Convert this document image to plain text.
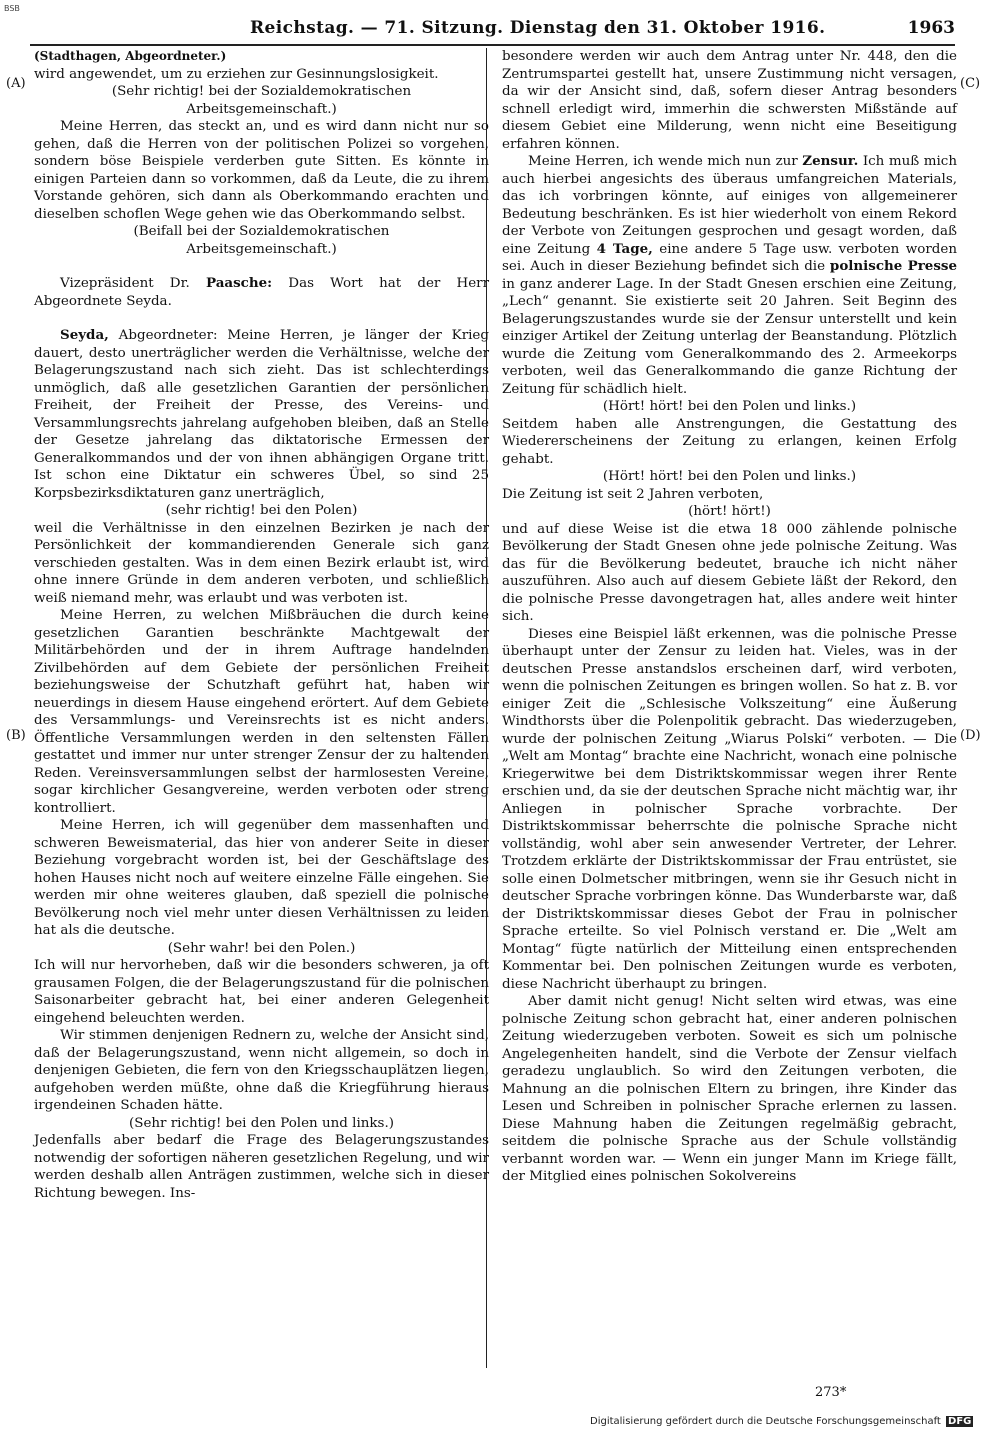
BSB
Reichstag. — 71. Sitzung. Dienstag den 31. Oktober 1916.	1963
(A)
(B)
(C)
(D)

(Stadthagen, Abgeordneter.)

wird angewendet, um zu erziehen zur Gesinnungslosigkeit.

(Sehr richtig! bei der Sozialdemokratischen Arbeitsgemeinschaft.)

Meine Herren, das steckt an, und es wird dann nicht nur so gehen, daß die Herren von der politischen Polizei so vorgehen, sondern böse Beispiele verderben gute Sitten. Es könnte in einigen Parteien dann so vorkommen, daß da Leute, die zu ihrem Vorstande gehören, sich dann als Oberkommando erachten und dieselben schoflen Wege gehen wie das Oberkommando selbst.

(Beifall bei der Sozialdemokratischen Arbeitsgemeinschaft.)

Vizepräsident Dr. Paasche: Das Wort hat der Herr Abgeordnete Seyda.

Seyda, Abgeordneter: Meine Herren, je länger der Krieg dauert, desto unerträglicher werden die Verhältnisse, welche der Belagerungszustand nach sich zieht. Das ist schlechterdings unmöglich, daß alle gesetzlichen Garantien der persönlichen Freiheit, der Freiheit der Presse, des Vereins- und Versammlungsrechts jahrelang aufgehoben bleiben, daß an Stelle der Gesetze jahrelang das diktatorische Ermessen der Generalkommandos und der von ihnen abhängigen Organe tritt. Ist schon eine Diktatur ein schweres Übel, so sind 25 Korpsbezirksdiktaturen ganz unerträglich,

(sehr richtig! bei den Polen)

weil die Verhältnisse in den einzelnen Bezirken je nach der Persönlichkeit der kommandierenden Generale sich ganz verschieden gestalten. Was in dem einen Bezirk erlaubt ist, wird ohne innere Gründe in dem anderen verboten, und schließlich weiß niemand mehr, was erlaubt und was verboten ist.

Meine Herren, zu welchen Mißbräuchen die durch keine gesetzlichen Garantien beschränkte Machtgewalt der Militärbehörden und der in ihrem Auftrage handelnden Zivilbehörden auf dem Gebiete der persönlichen Freiheit beziehungsweise der Schutzhaft geführt hat, haben wir neuerdings in diesem Hause eingehend erörtert. Auf dem Gebiete des Versammlungs- und Vereinsrechts ist es nicht anders. Öffentliche Versammlungen werden in den seltensten Fällen gestattet und immer nur unter strenger Zensur der zu haltenden Reden. Vereinsversammlungen selbst der harmlosesten Vereine, sogar kirchlicher Gesangvereine, werden verboten oder streng kontrolliert.

Meine Herren, ich will gegenüber dem massenhaften und schweren Beweismaterial, das hier von anderer Seite in dieser Beziehung vorgebracht worden ist, bei der Geschäftslage des hohen Hauses nicht noch auf weitere einzelne Fälle eingehen. Sie werden mir ohne weiteres glauben, daß speziell die polnische Bevölkerung noch viel mehr unter diesen Verhältnissen zu leiden hat als die deutsche.

(Sehr wahr! bei den Polen.)

Ich will nur hervorheben, daß wir die besonders schweren, ja oft grausamen Folgen, die der Belagerungszustand für die polnischen Saisonarbeiter gebracht hat, bei einer anderen Gelegenheit eingehend beleuchten werden.

Wir stimmen denjenigen Rednern zu, welche der Ansicht sind, daß der Belagerungszustand, wenn nicht allgemein, so doch in denjenigen Gebieten, die fern von den Kriegsschauplätzen liegen, aufgehoben werden müßte, ohne daß die Kriegführung hieraus irgendeinen Schaden hätte.

(Sehr richtig! bei den Polen und links.)

Jedenfalls aber bedarf die Frage des Belagerungszustandes notwendig der sofortigen näheren gesetzlichen Regelung, und wir werden deshalb allen Anträgen zustimmen, welche sich in dieser Richtung bewegen. Ins-

besondere werden wir auch dem Antrag unter Nr. 448, den die Zentrumspartei gestellt hat, unsere Zustimmung nicht versagen, da wir der Ansicht sind, daß, sofern dieser Antrag besonders schnell erledigt wird, immerhin die schwersten Mißstände auf diesem Gebiet eine Milderung, wenn nicht eine Beseitigung erfahren können.

Meine Herren, ich wende mich nun zur Zensur. Ich muß mich auch hierbei angesichts des überaus umfangreichen Materials, das ich vorbringen könnte, auf einiges von allgemeinerer Bedeutung beschränken. Es ist hier wiederholt von einem Rekord der Verbote von Zeitungen gesprochen und gesagt worden, daß eine Zeitung 4 Tage, eine andere 5 Tage usw. verboten worden sei. Auch in dieser Beziehung befindet sich die polnische Presse in ganz anderer Lage. In der Stadt Gnesen erschien eine Zeitung, „Lech“ genannt. Sie existierte seit 20 Jahren. Seit Beginn des Belagerungszustandes wurde sie der Zensur unterstellt und kein einziger Artikel der Zeitung unterlag der Beanstandung. Plötzlich wurde die Zeitung vom Generalkommando des 2. Armeekorps verboten, weil das Generalkommando die ganze Richtung der Zeitung für schädlich hielt.

(Hört! hört! bei den Polen und links.)

Seitdem haben alle Anstrengungen, die Gestattung des Wiedererscheinens der Zeitung zu erlangen, keinen Erfolg gehabt.

(Hört! hört! bei den Polen und links.)

Die Zeitung ist seit 2 Jahren verboten,

(hört! hört!)

und auf diese Weise ist die etwa 18 000 zählende polnische Bevölkerung der Stadt Gnesen ohne jede polnische Zeitung. Was das für die Bevölkerung bedeutet, brauche ich nicht näher auszuführen. Also auch auf diesem Gebiete läßt der Rekord, den die polnische Presse davongetragen hat, alles andere weit hinter sich.

Dieses eine Beispiel läßt erkennen, was die polnische Presse überhaupt unter der Zensur zu leiden hat. Vieles, was in der deutschen Presse anstandslos erscheinen darf, wird verboten, wenn die polnischen Zeitungen es bringen wollen. So hat z. B. vor einiger Zeit die „Schlesische Volkszeitung“ eine Äußerung Windthorsts über die Polenpolitik gebracht. Das wiederzugeben, wurde der polnischen Zeitung „Wiarus Polski“ verboten. — Die „Welt am Montag“ brachte eine Nachricht, wonach eine polnische Kriegerwitwe bei dem Distriktskommissar wegen ihrer Rente erschien und, da sie der deutschen Sprache nicht mächtig war, ihr Anliegen in polnischer Sprache vorbrachte. Der Distriktskommissar beherrschte die polnische Sprache nicht vollständig, wohl aber sein anwesender Vertreter, der Lehrer. Trotzdem erklärte der Distriktskommissar der Frau entrüstet, sie solle einen Dolmetscher mitbringen, wenn sie ihr Gesuch nicht in deutscher Sprache vorbringen könne. Das Wunderbarste war, daß der Distriktskommissar dieses Gebot der Frau in polnischer Sprache erteilte. So viel Polnisch verstand er. Die „Welt am Montag“ fügte natürlich der Mitteilung einen entsprechenden Kommentar bei. Den polnischen Zeitungen wurde es verboten, diese Nachricht überhaupt zu bringen.

Aber damit nicht genug! Nicht selten wird etwas, was eine polnische Zeitung schon gebracht hat, einer anderen polnischen Zeitung wiederzugeben verboten. Soweit es sich um polnische Angelegenheiten handelt, sind die Verbote der Zensur vielfach geradezu unglaublich. So wird den Zeitungen verboten, die Mahnung an die polnischen Eltern zu bringen, ihre Kinder das Lesen und Schreiben in polnischer Sprache erlernen zu lassen. Diese Mahnung haben die Zeitungen regelmäßig gebracht, seitdem die polnische Sprache aus der Schule vollständig verbannt worden war. — Wenn ein junger Mann im Kriege fällt, der Mitglied eines polnischen Sokolvereins

273*
Digitalisierung gefördert durch die Deutsche Forschungsgemeinschaft DFG
